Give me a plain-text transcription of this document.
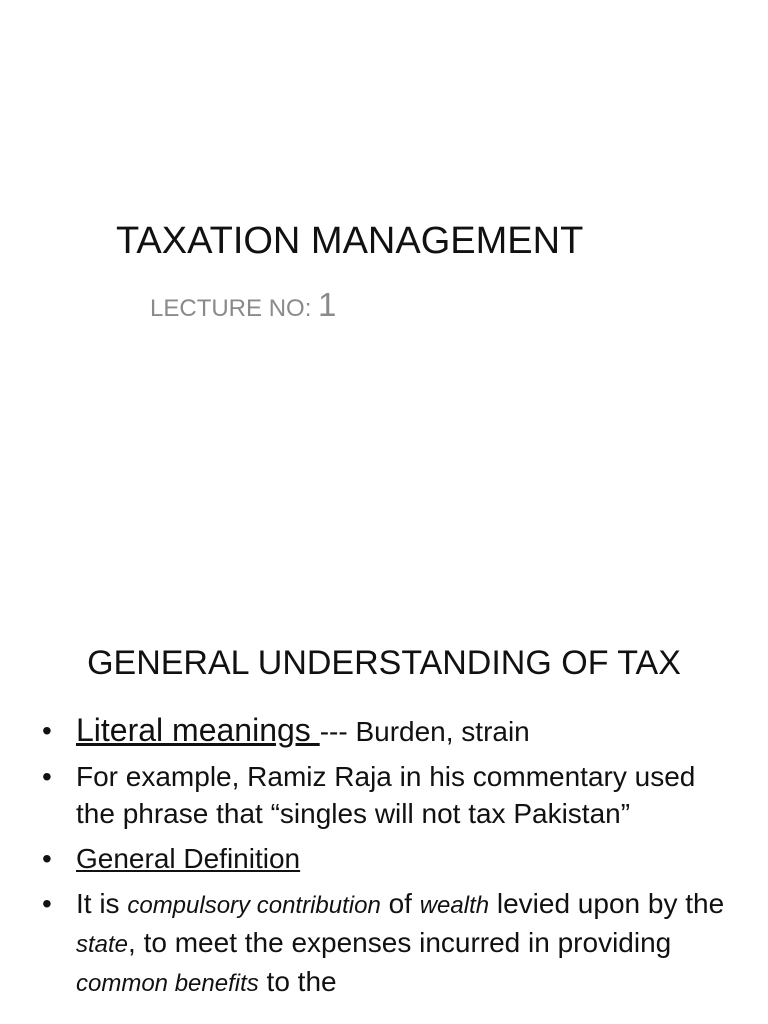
TAXATION MANAGEMENT
LECTURE NO: 1
GENERAL UNDERSTANDING OF TAX
• Literal meanings --- Burden, strain
• For example, Ramiz Raja in his commentary used the phrase that “singles will not tax Pakistan”
• General Definition
• It is compulsory contribution of wealth levied upon by the state, to meet the expenses incurred in providing common benefits to the
